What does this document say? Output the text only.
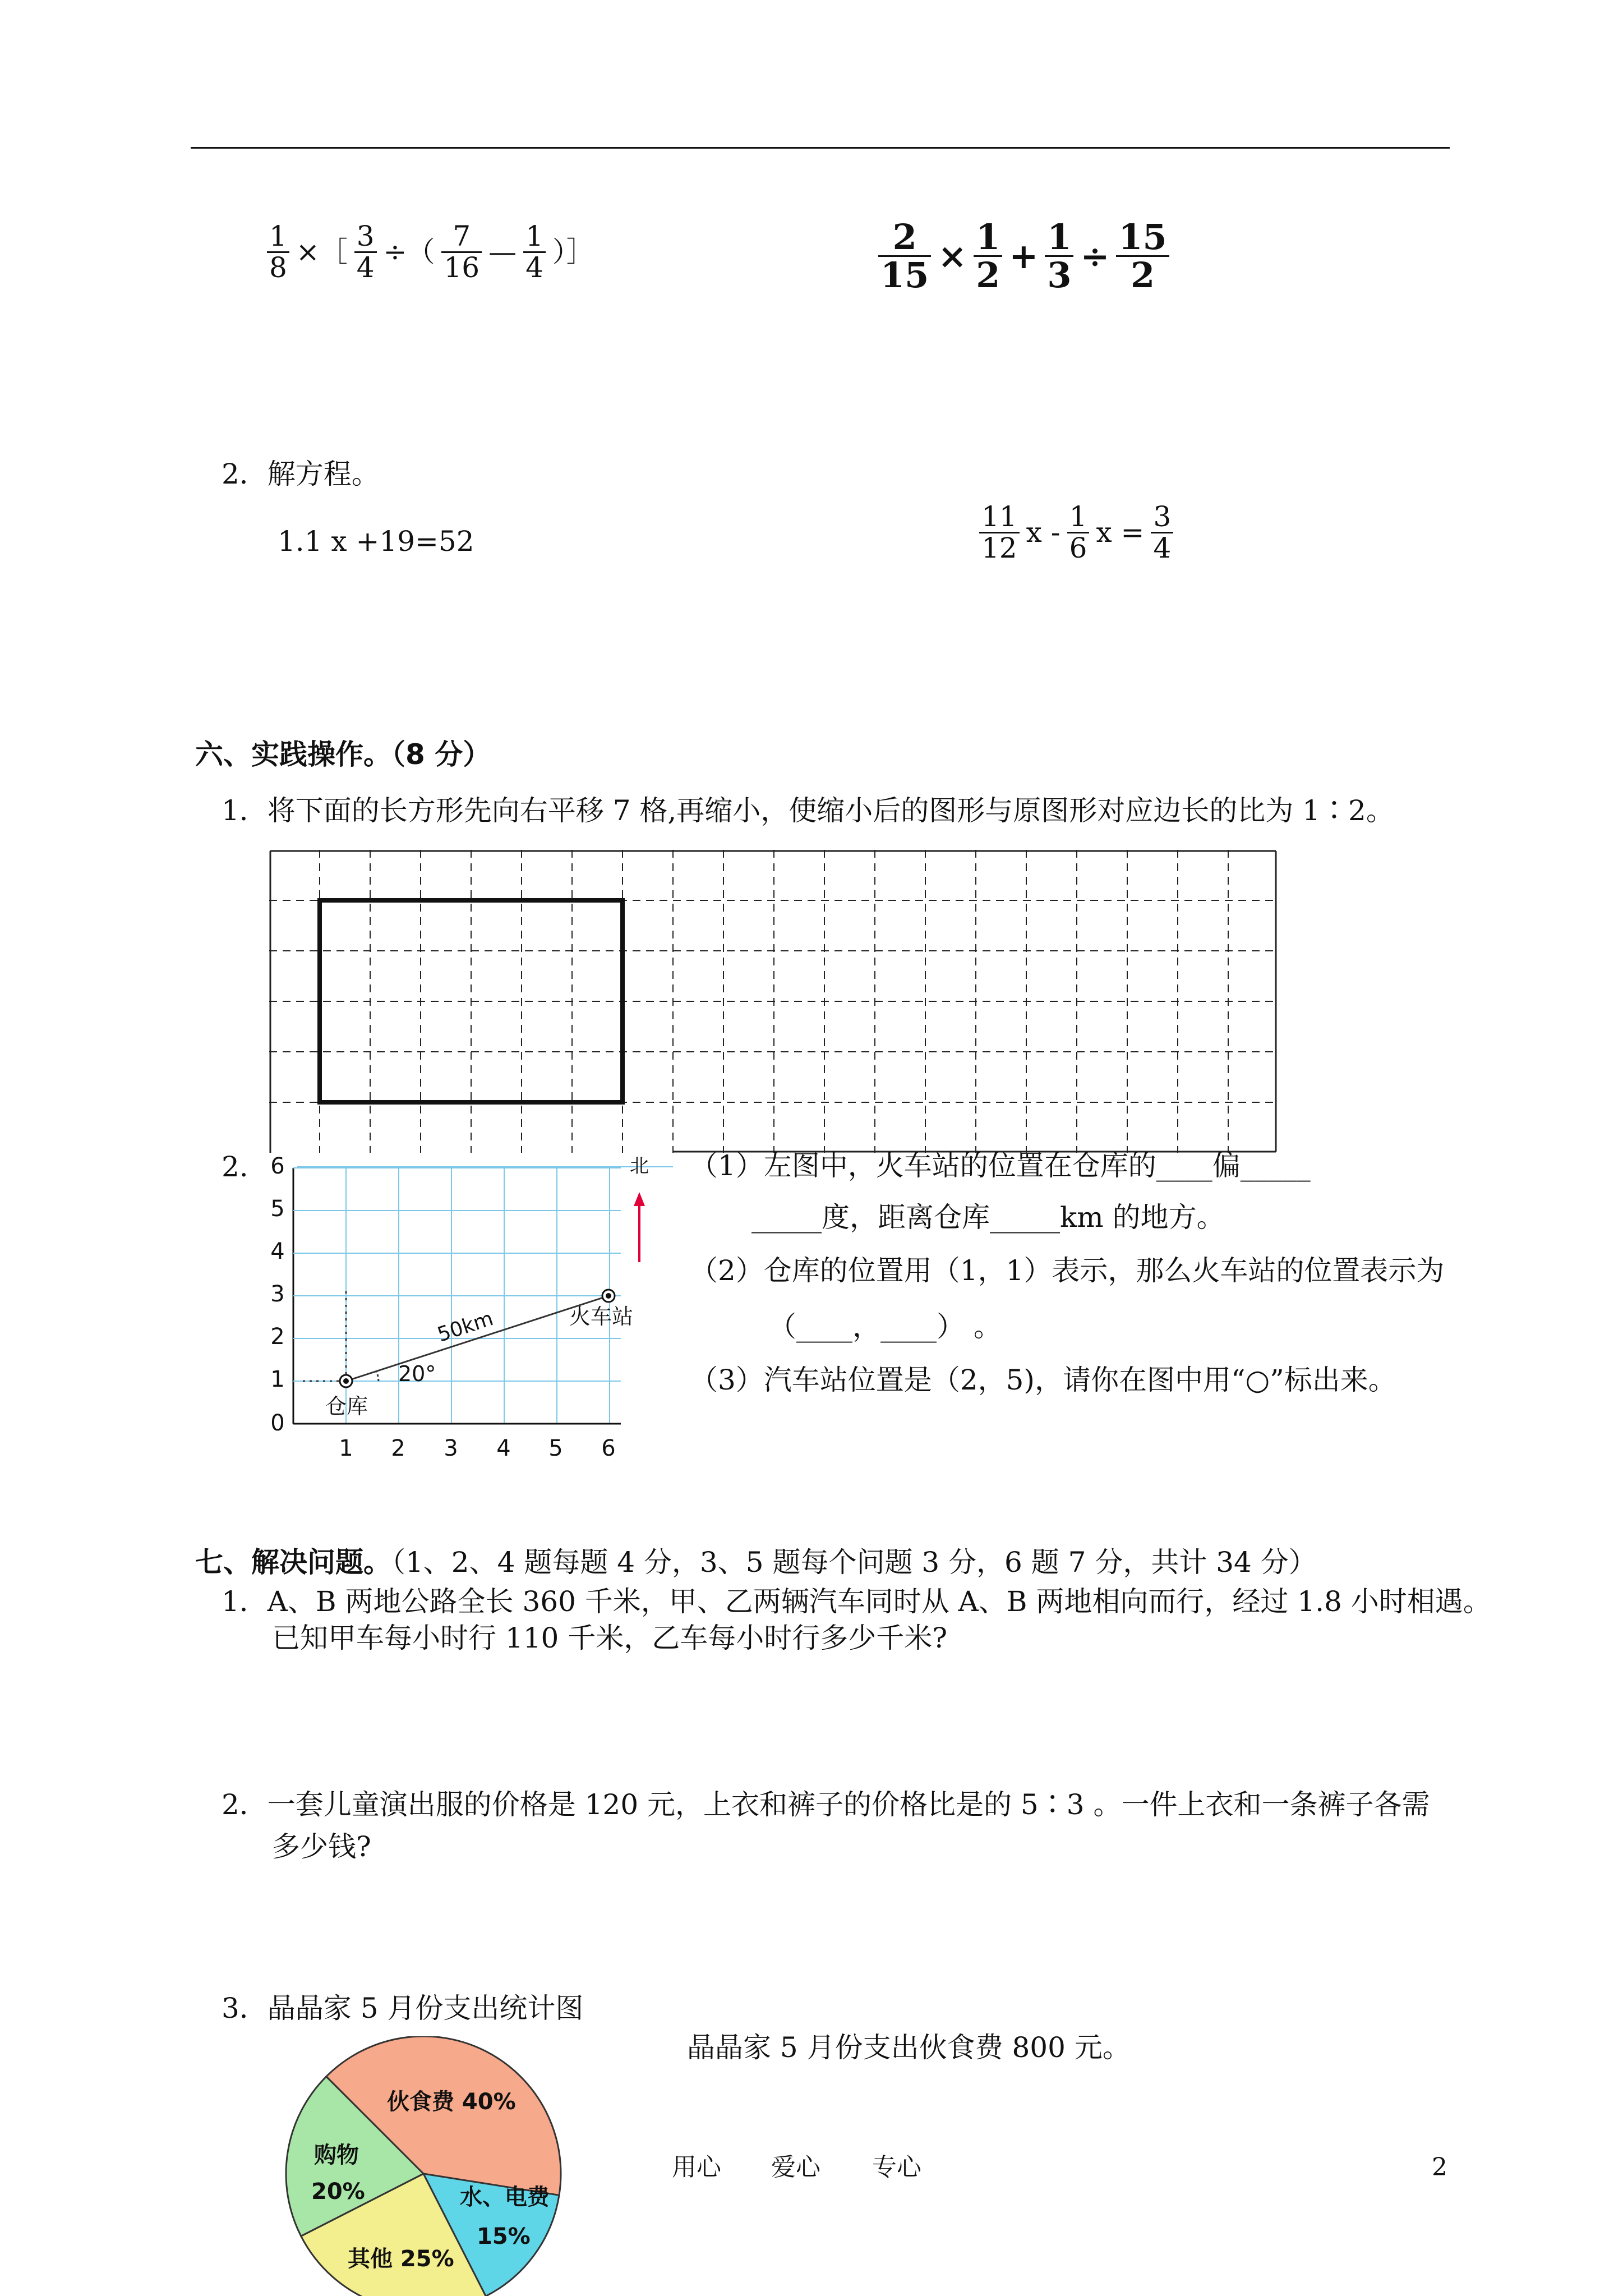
$\frac{1}{8}$ ×［ $\frac{3}{4}$ ÷（ $\frac{7}{16}$ — $\frac{1}{4}$ ）］	$\frac{2}{15} \times \frac{1}{2} + \frac{1}{3} \div \frac{15}{2}$
2．解方程。
1.1 x +19=52	$\frac{11}{12}$ x - $\frac{1}{6}$ $x = \frac{3}{4}$
六、实践操作。（8 分）
1．将下面的长方形先向右平移 7 格,再缩小，使缩小后的图形与原图形对应边长的比为 1∶2。
2.
0
1
2
3
4
5
6
1 2 3 4 5 6
北
仓库
火车站
50km
20°
（1）左图中，火车站的位置在仓库的____偏_____
_____度，距离仓库_____km 的地方。
（2）仓库的位置用（1，1）表示，那么火车站的位置表示为
（____，____） 。
（3）汽车站位置是（2，5)，请你在图中用“○”标出来。
七、解决问题。（1、2、4 题每题 4 分，3、5 题每个问题 3 分，6 题 7 分，共计 34 分）
1．A、B 两地公路全长 360 千米，甲、乙两辆汽车同时从 A、B 两地相向而行，经过 1.8 小时相遇。
已知甲车每小时行 110 千米，乙车每小时行多少千米?
2．一套儿童演出服的价格是 120 元，上衣和裤子的价格比是的 5∶3 。一件上衣和一条裤子各需
多少钱?
3．晶晶家 5 月份支出统计图
晶晶家 5 月份支出伙食费 800 元。
伙食费 40%
水、电费
15%
其他 25%
购物
20%
用心 爱心 专心	2
